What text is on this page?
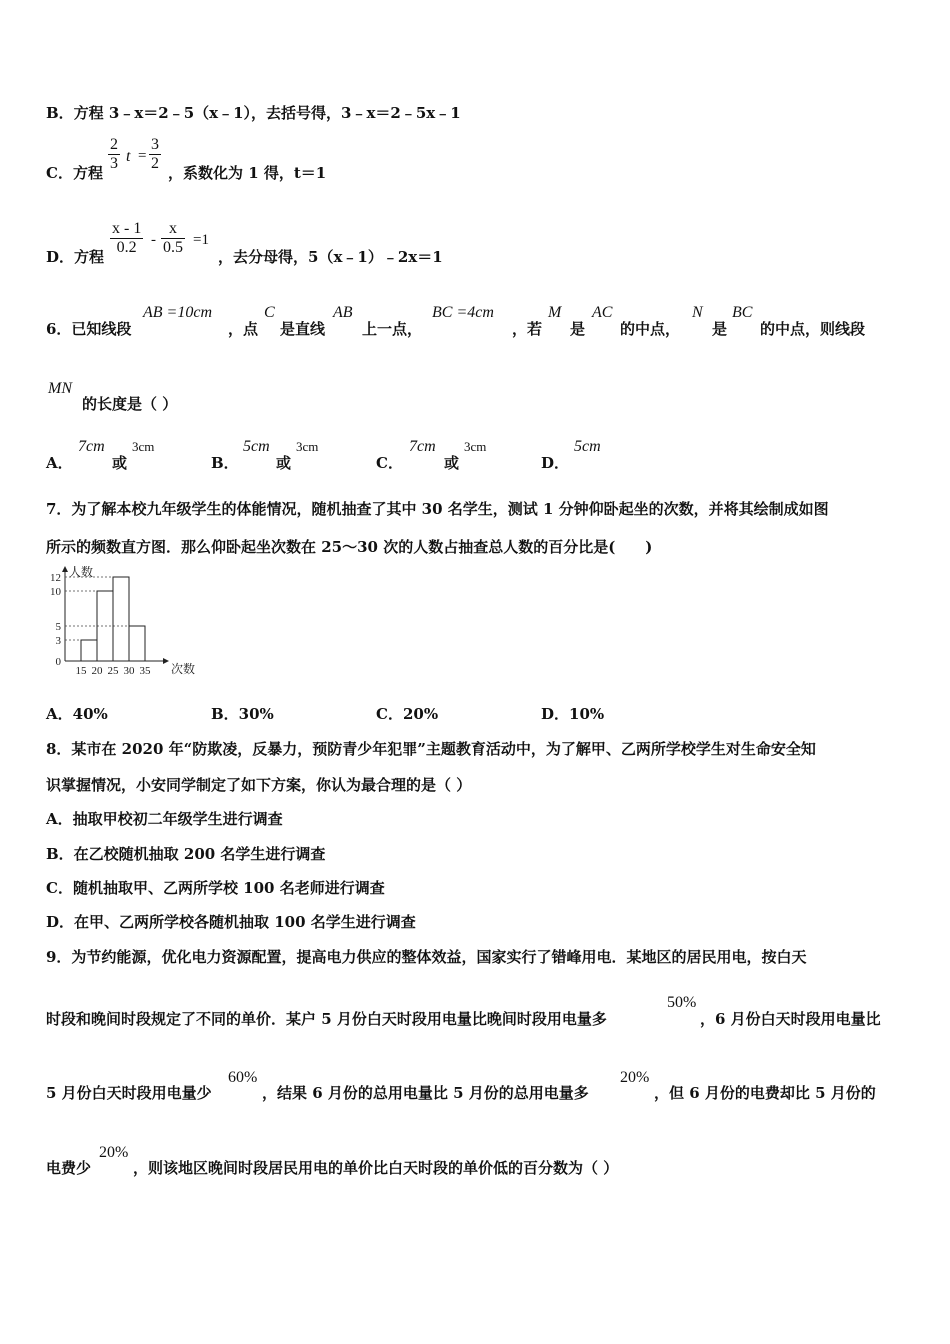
B．方程 3﹣x＝2﹣5（x﹣1），去括号得，3﹣x＝2﹣5x﹣1
C．方程 $\frac{2}{3}$ $t = \frac{3}{2}$ ，系数化为 1 得，t＝1
D．方程 $\frac{x - 1}{0.2} - \frac{x}{0.5} =1$
，去分母得，5（x﹣1）﹣2x＝1
6．已知线段
AB =10cm
，点
C
是直线
AB
上一点，
BC =4cm
，若
M
是
AC
的中点，
N
是
BC
的中点，则线段
MN
的长度是（ ）
A．
7cm
或
3cm
B．
5cm
或
3cm
C．
7cm
或
3cm
D．
5cm
7．为了解本校九年级学生的体能情况，随机抽查了其中 30 名学生，测试 1 分钟仰卧起坐的次数，并将其绘制成如图
所示的频数直方图．那么仰卧起坐次数在 25～30 次的人数占抽查总人数的百分比是(　　)
0
3
5
10
12
15 20 25 30 35
人数
次数
A．40%	B．30%	C．20%	D．10%
8．某市在 2020 年“防欺凌，反暴力，预防青少年犯罪”主题教育活动中，为了解甲、乙两所学校学生对生命安全知
识掌握情况，小安同学制定了如下方案，你认为最合理的是（ ）
A．抽取甲校初二年级学生进行调查
B．在乙校随机抽取 200 名学生进行调查
C．随机抽取甲、乙两所学校 100 名老师进行调查
D．在甲、乙两所学校各随机抽取 100 名学生进行调查
9．为节约能源，优化电力资源配置，提高电力供应的整体效益，国家实行了错峰用电．某地区的居民用电，按白天
时段和晚间时段规定了不同的单价．某户 5 月份白天时段用电量比晚间时段用电量多
50%
，6 月份白天时段用电量比
5 月份白天时段用电量少
60%
，结果 6 月份的总用电量比 5 月份的总用电量多
20%
，但 6 月份的电费却比 5 月份的
电费少
20%
，则该地区晚间时段居民用电的单价比白天时段的单价低的百分数为（ ）
